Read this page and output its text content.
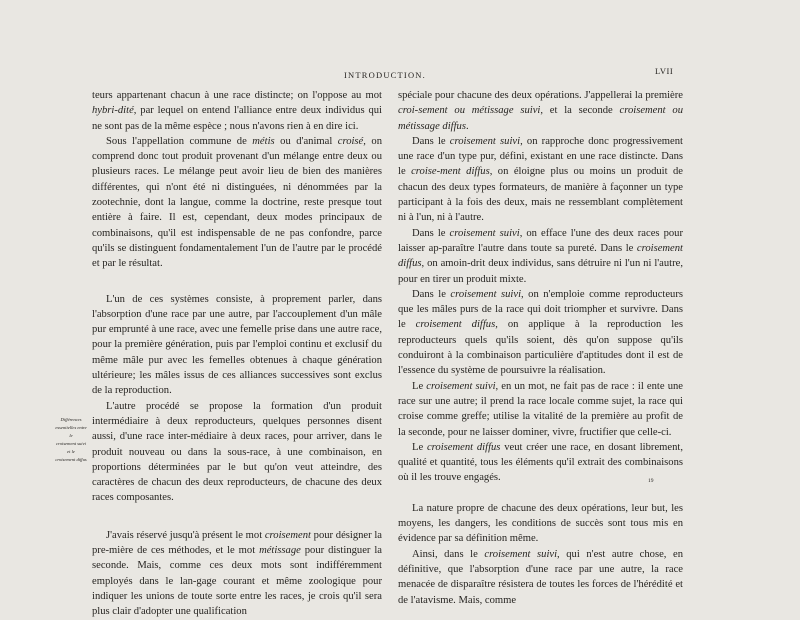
INTRODUCTION.	LVII

teurs appartenant chacun à une race distincte; on l'oppose au mot hybri-dité, par lequel on entend l'alliance entre deux individus qui ne sont pas de la même espèce ; nous n'avons rien à en dire ici.

Sous l'appellation commune de métis ou d'animal croisé, on comprend donc tout produit provenant d'un mélange entre deux ou plusieurs races. Le mélange peut avoir lieu de bien des manières différentes, qui n'ont été ni distinguées, ni dénommées par la zootechnie, dont la langue, comme la doctrine, reste presque tout entière à faire. Il est, cependant, deux modes principaux de combinaisons, qu'il est indispensable de ne pas confondre, parce qu'ils se distinguent fondamentalement l'un de l'autre par le procédé et par le résultat.

L'un de ces systèmes consiste, à proprement parler, dans l'absorption d'une race par une autre, par l'accouplement d'un mâle pur emprunté à une race, avec une femelle prise dans une autre race, pour la première génération, puis par l'emploi continu et exclusif du même mâle pur avec les femelles obtenues à chaque génération ultérieure; les mâles issus de ces alliances successives sont exclus de la reproduction.

L'autre procédé se propose la formation d'un produit intermédiaire à deux reproducteurs, quelques personnes disent aussi, d'une race inter-médiaire à deux races, pour arriver, dans le produit nouveau ou dans la sous-race, à une combinaison, en proportions déterminées par le but qu'on veut atteindre, des caractères de chacun des deux reproducteurs, de chacune des deux races composantes.

J'avais réservé jusqu'à présent le mot croisement pour désigner la pre-mière de ces méthodes, et le mot métissage pour distinguer la seconde. Mais, comme ces deux mots sont indifféremment employés dans le lan-gage courant et même zoologique pour indiquer les unions de toute sorte entre les races, je crois qu'il sera plus clair d'adopter une qualification

Différences
essentielles entre
le
croisement suivi
et le
croisement diffus

spéciale pour chacune des deux opérations. J'appellerai la première croi-sement ou métissage suivi, et la seconde croisement ou métissage diffus.

Dans le croisement suivi, on rapproche donc progressivement une race d'un type pur, défini, existant en une race distincte. Dans le croise-ment diffus, on éloigne plus ou moins un produit de chacun des deux types formateurs, de manière à façonner un type participant à la fois des deux, mais ne ressemblant complètement ni à l'un, ni à l'autre.

Dans le croisement suivi, on efface l'une des deux races pour laisser ap-paraître l'autre dans toute sa pureté. Dans le croisement diffus, on amoin-drit deux individus, sans détruire ni l'un ni l'autre, pour en tirer un produit mixte.

Dans le croisement suivi, on n'emploie comme reproducteurs que les mâles purs de la race qui doit triompher et survivre. Dans le croisement diffus, on applique à la reproduction les reproducteurs quels qu'ils soient, dès qu'on suppose qu'ils conduiront à la combinaison particulière d'aptitudes dont il est de l'essence du système de poursuivre la réalisation.

Le croisement suivi, en un mot, ne fait pas de race : il ente une race sur une autre; il prend la race locale comme sujet, la race qui croise comme greffe; utilise la vitalité de la première au profit de la seconde, pour ne laisser dominer, vivre, fructifier que celle-ci.

Le croisement diffus veut créer une race, en dosant librement, qualité et quantité, tous les éléments qu'il extrait des combinaisons où il les trouve engagés.

La nature propre de chacune des deux opérations, leur but, les moyens, les dangers, les conditions de succès sont tous mis en évidence par sa définition même.

Ainsi, dans le croisement suivi, qui n'est autre chose, en définitive, que l'absorption d'une race par une autre, la race menacée de disparaître résistera de toutes les forces de l'hérédité et de l'atavisme. Mais, comme

19
